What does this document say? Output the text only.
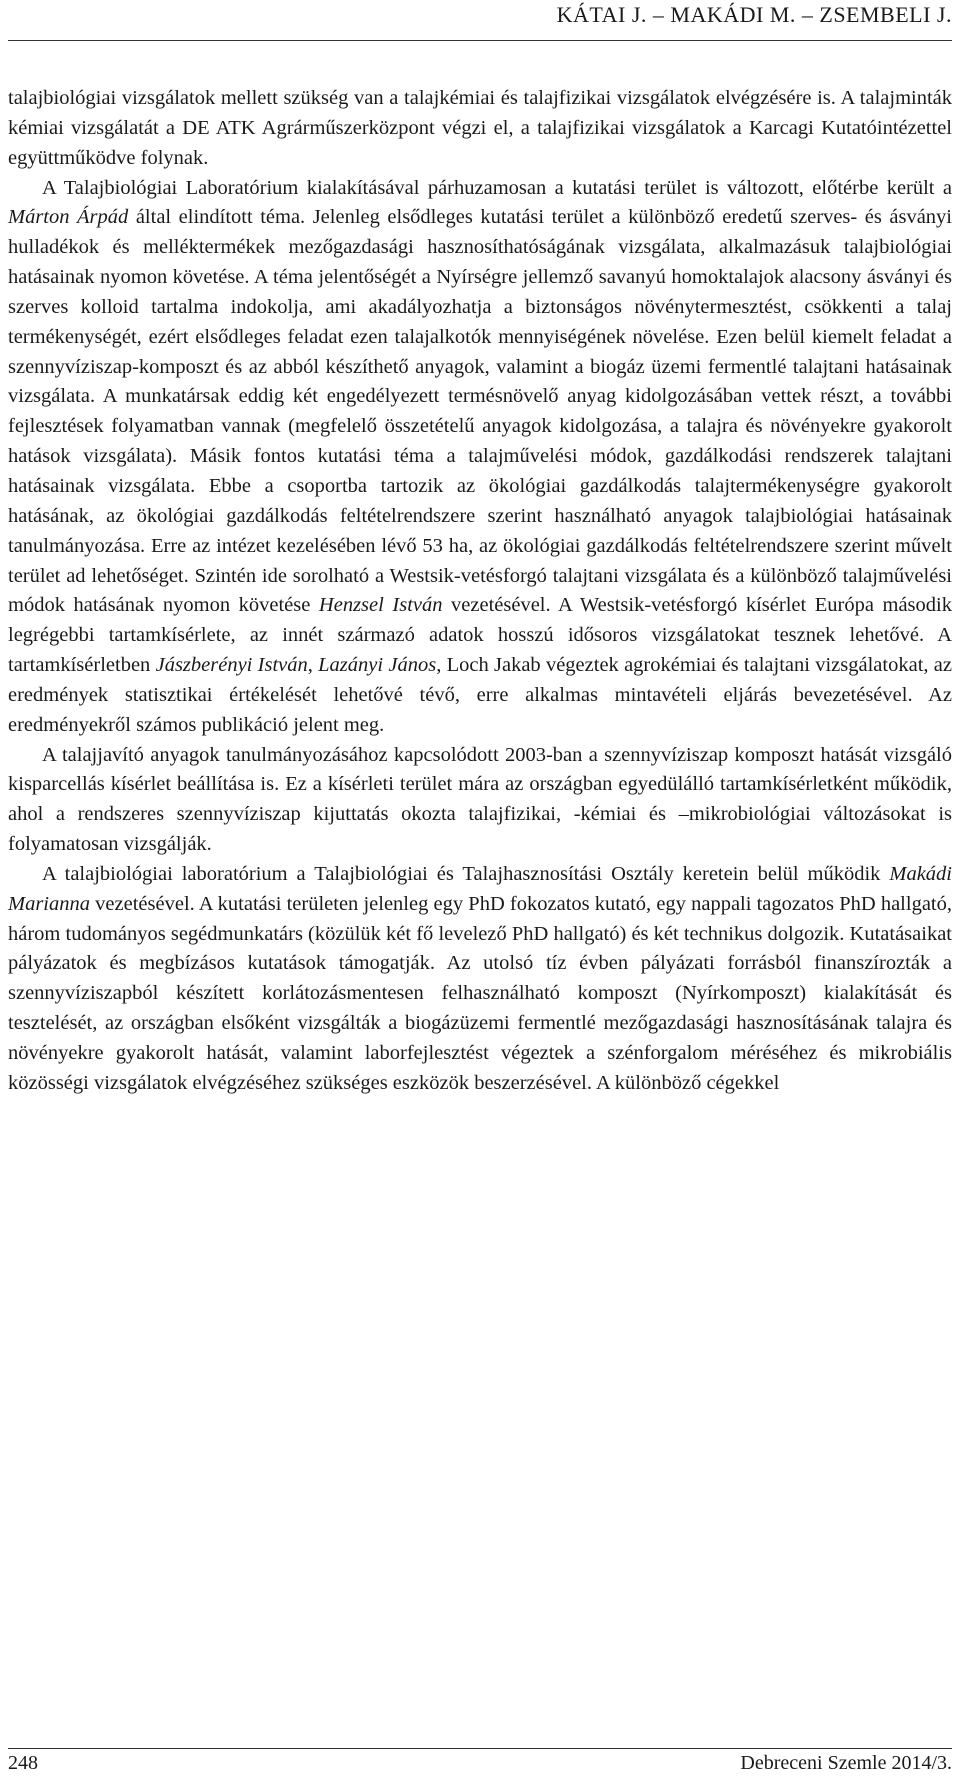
KÁTAI J. – MAKÁDI M. – ZSEMBELI J.

talajbiológiai vizsgálatok mellett szükség van a talajkémiai és talajfizikai vizsgálatok elvégzésére is. A talajminták kémiai vizsgálatát a DE ATK Agrárműszerközpont végzi el, a talajfizikai vizsgálatok a Karcagi Kutatóintézettel együttműködve folynak.

A Talajbiológiai Laboratórium kialakításával párhuzamosan a kutatási terület is változott, előtérbe került a Márton Árpád által elindított téma. Jelenleg elsődleges kutatási terület a különböző eredetű szerves- és ásványi hulladékok és melléktermékek mezőgazdasági hasznosíthatóságának vizsgálata, alkalmazásuk talajbiológiai hatásainak nyomon követése. A téma jelentőségét a Nyírségre jellemző savanyú homoktalajok alacsony ásványi és szerves kolloid tartalma indokolja, ami akadályozhatja a biztonságos növénytermesztést, csökkenti a talaj termékenységét, ezért elsődleges feladat ezen talajalkotók mennyiségének növelése. Ezen belül kiemelt feladat a szennyvíziszap-komposzt és az abból készíthető anyagok, valamint a biogáz üzemi fermentlé talajtani hatásainak vizsgálata. A munkatársak eddig két engedélyezett termésnövelő anyag kidolgozásában vettek részt, a további fejlesztések folyamatban vannak (megfelelő összetételű anyagok kidolgozása, a talajra és növényekre gyakorolt hatások vizsgálata). Másik fontos kutatási téma a talajművelési módok, gazdálkodási rendszerek talajtani hatásainak vizsgálata. Ebbe a csoportba tartozik az ökológiai gazdálkodás talajtermékenységre gyakorolt hatásának, az ökológiai gazdálkodás feltételrendszere szerint használható anyagok talajbiológiai hatásainak tanulmányozása. Erre az intézet kezelésében lévő 53 ha, az ökológiai gazdálkodás feltételrendszere szerint művelt terület ad lehetőséget. Szintén ide sorolható a Westsik-vetésforgó talajtani vizsgálata és a különböző talajművelési módok hatásának nyomon követése Henzsel István vezetésével. A Westsik-vetésforgó kísérlet Európa második legrégebbi tartamkísérlete, az innét származó adatok hosszú idősoros vizsgálatokat tesznek lehetővé. A tartamkísérletben Jászberényi István, Lazányi János, Loch Jakab végeztek agrokémiai és talajtani vizsgálatokat, az eredmények statisztikai értékelését lehetővé tévő, erre alkalmas mintavételi eljárás bevezetésével. Az eredményekről számos publikáció jelent meg.

A talajjavító anyagok tanulmányozásához kapcsolódott 2003-ban a szennyvíziszap komposzt hatását vizsgáló kisparcellás kísérlet beállítása is. Ez a kísérleti terület mára az országban egyedülálló tartamkísérletként működik, ahol a rendszeres szennyvíziszap kijuttatás okozta talajfizikai, -kémiai és –mikrobiológiai változásokat is folyamatosan vizsgálják.

A talajbiológiai laboratórium a Talajbiológiai és Talajhasznosítási Osztály keretein belül működik Makádi Marianna vezetésével. A kutatási területen jelenleg egy PhD fokozatos kutató, egy nappali tagozatos PhD hallgató, három tudományos segédmunkatárs (közülük két fő levelező PhD hallgató) és két technikus dolgozik. Kutatásaikat pályázatok és megbízásos kutatások támogatják. Az utolsó tíz évben pályázati forrásból finanszírozták a szennyvíziszapból készített korlátozásmentesen felhasználható komposzt (Nyírkomposzt) kialakítását és tesztelését, az országban elsőként vizsgálták a biogázüzemi fermentlé mezőgazdasági hasznosításának talajra és növényekre gyakorolt hatását, valamint laborfejlesztést végeztek a szénforgalom méréséhez és mikrobiális közösségi vizsgálatok elvégzéséhez szükséges eszközök beszerzésével. A különböző cégekkel

248	Debreceni Szemle 2014/3.
